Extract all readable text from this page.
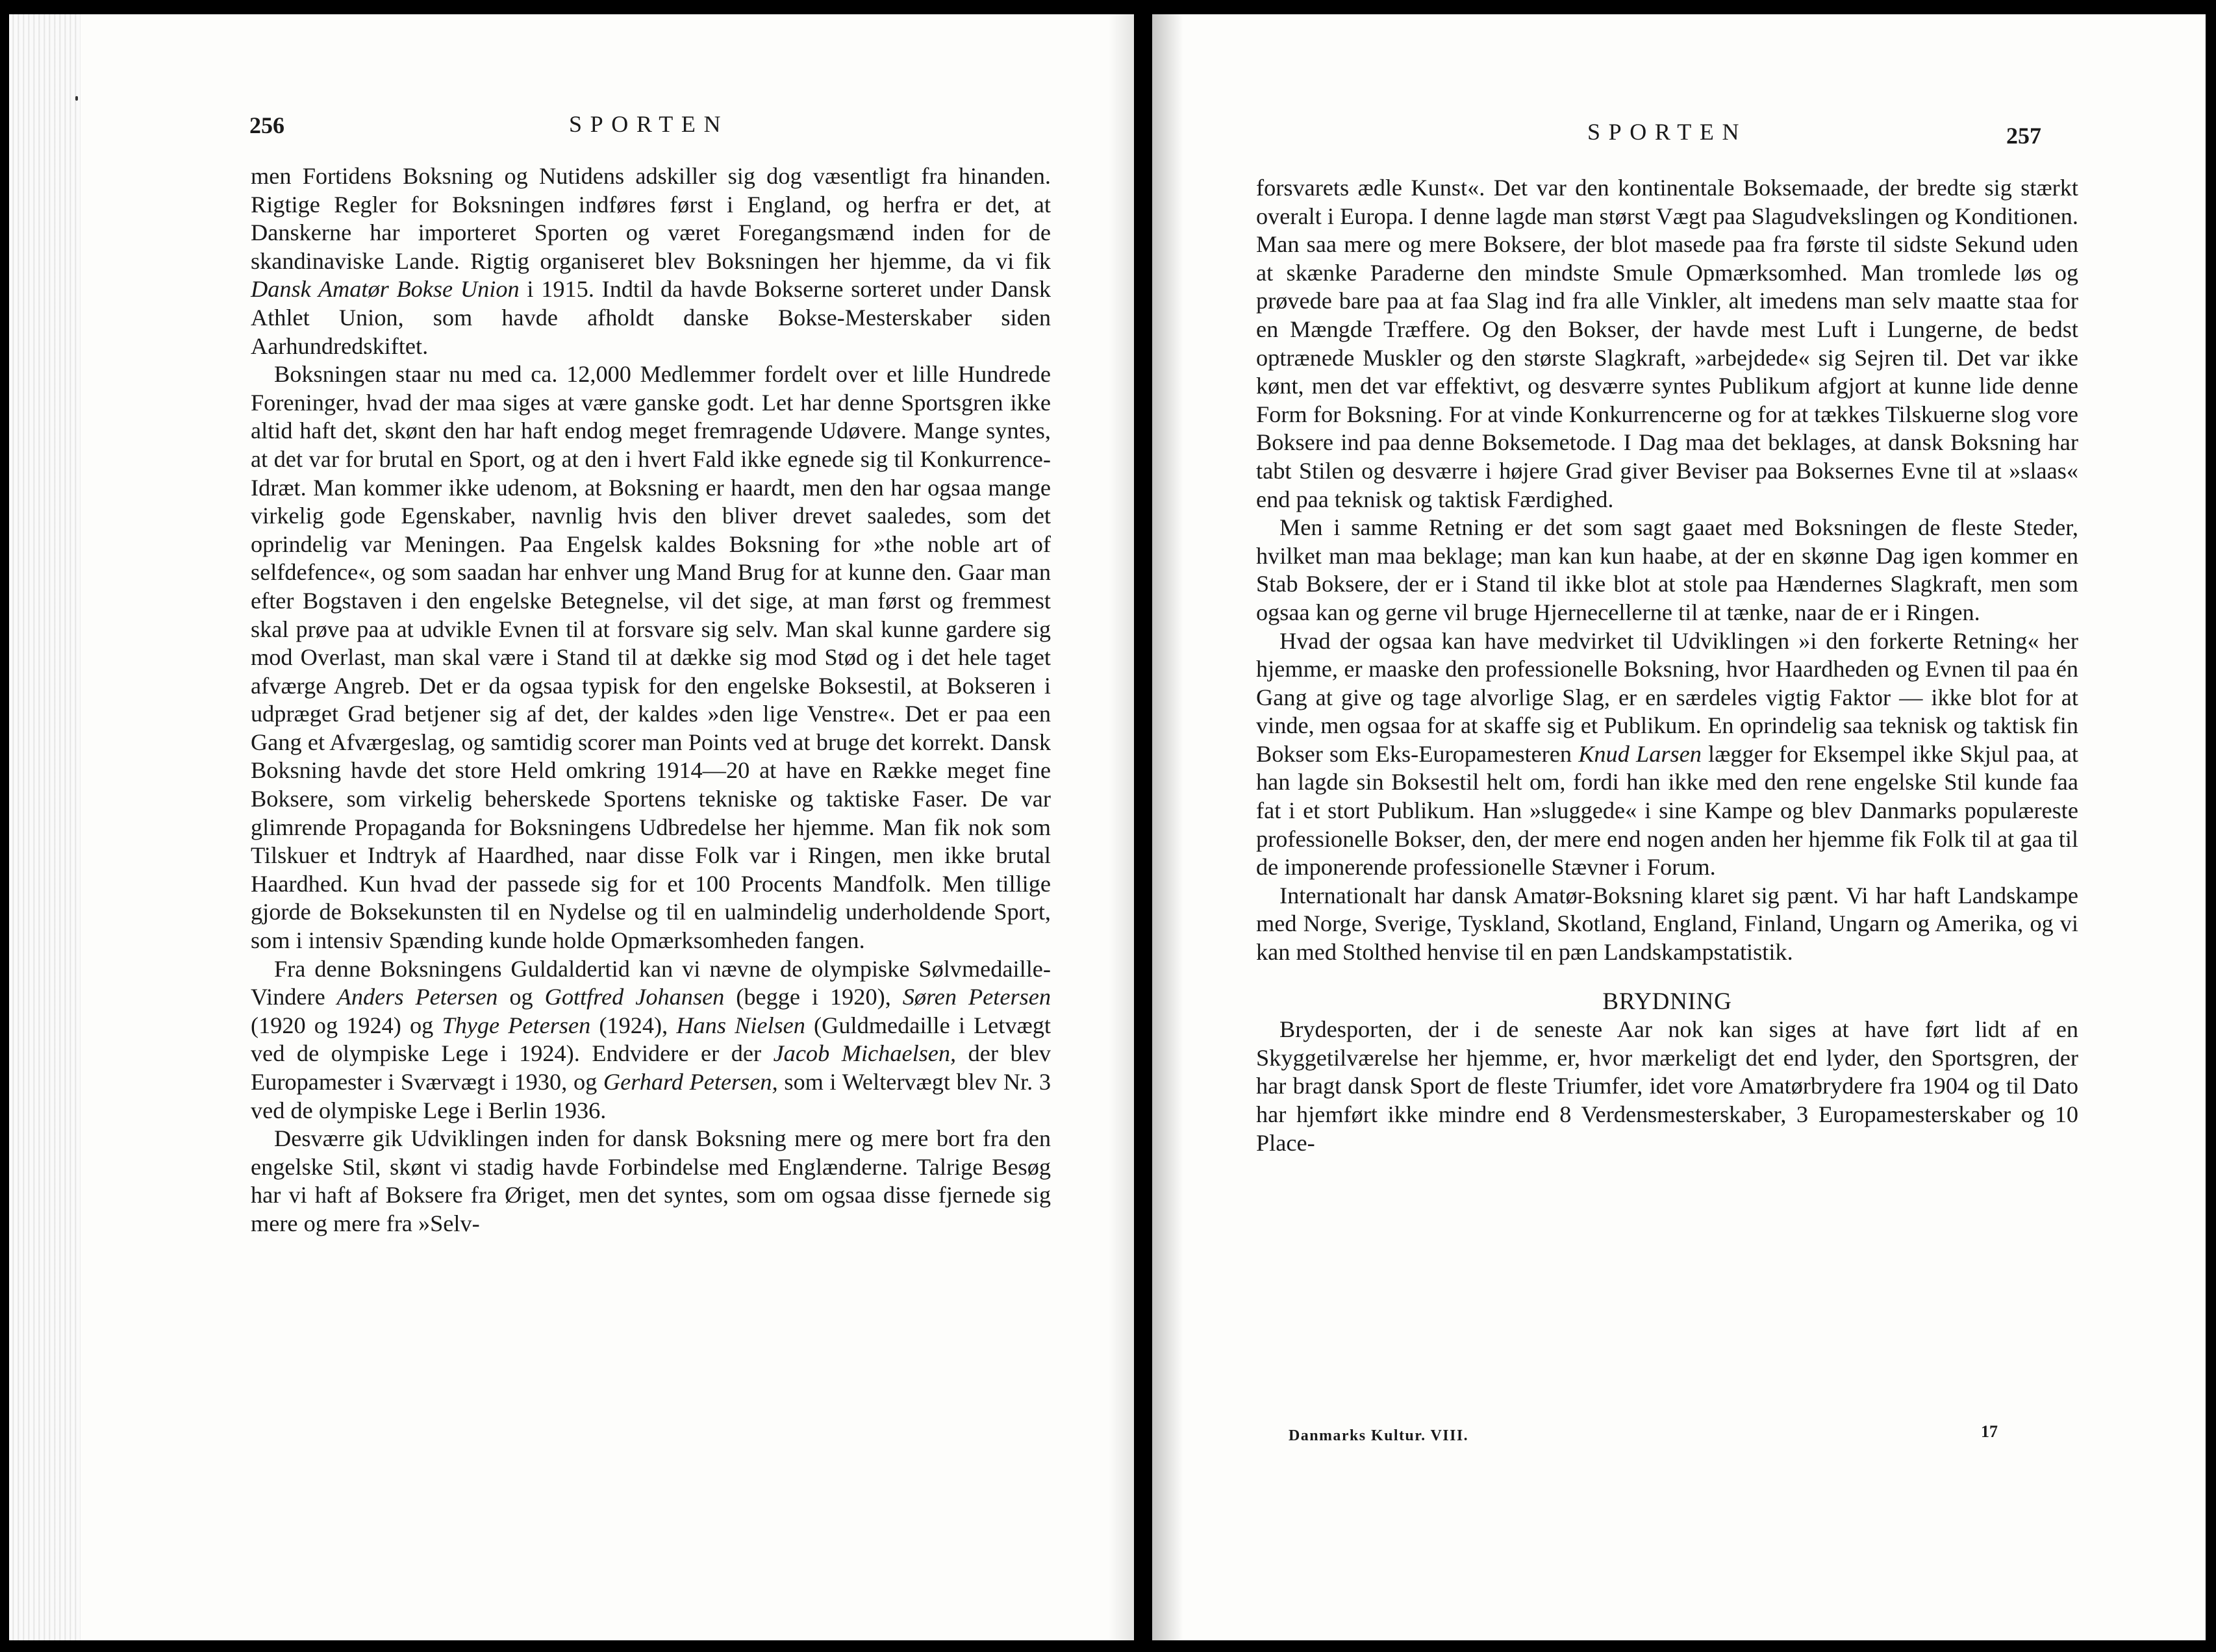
256	SPORTEN

men Fortidens Boksning og Nutidens adskiller sig dog væsentligt fra hinanden. Rigtige Regler for Boksningen indføres først i England, og herfra er det, at Danskerne har importeret Sporten og været Foregangsmænd inden for de skandinaviske Lande. Rigtig organiseret blev Boksningen her hjemme, da vi fik Dansk Amatør Bokse Union i 1915. Indtil da havde Bokserne sorteret under Dansk Athlet Union, som havde afholdt danske Bokse-Mesterskaber siden Aarhundredskiftet.

Boksningen staar nu med ca. 12,000 Medlemmer fordelt over et lille Hundrede Foreninger, hvad der maa siges at være ganske godt. Let har denne Sportsgren ikke altid haft det, skønt den har haft endog meget fremragende Udøvere. Mange syntes, at det var for brutal en Sport, og at den i hvert Fald ikke egnede sig til Konkurrence-Idræt. Man kommer ikke udenom, at Boksning er haardt, men den har ogsaa mange virkelig gode Egenskaber, navnlig hvis den bliver drevet saaledes, som det oprindelig var Meningen. Paa Engelsk kaldes Boksning for »the noble art of selfdefence«, og som saadan har enhver ung Mand Brug for at kunne den. Gaar man efter Bogstaven i den engelske Betegnelse, vil det sige, at man først og fremmest skal prøve paa at udvikle Evnen til at forsvare sig selv. Man skal kunne gardere sig mod Overlast, man skal være i Stand til at dække sig mod Stød og i det hele taget afværge Angreb. Det er da ogsaa typisk for den engelske Boksestil, at Bokseren i udpræget Grad betjener sig af det, der kaldes »den lige Venstre«. Det er paa een Gang et Afværgeslag, og samtidig scorer man Points ved at bruge det korrekt. Dansk Boksning havde det store Held omkring 1914—20 at have en Række meget fine Boksere, som virkelig beherskede Sportens tekniske og taktiske Faser. De var glimrende Propaganda for Boksningens Udbredelse her hjemme. Man fik nok som Tilskuer et Indtryk af Haardhed, naar disse Folk var i Ringen, men ikke brutal Haardhed. Kun hvad der passede sig for et 100 Procents Mandfolk. Men tillige gjorde de Boksekunsten til en Nydelse og til en ualmindelig underholdende Sport, som i intensiv Spænding kunde holde Opmærksomheden fangen.

Fra denne Boksningens Guldaldertid kan vi nævne de olympiske Sølvmedaille-Vindere Anders Petersen og Gottfred Johansen (begge i 1920), Søren Petersen (1920 og 1924) og Thyge Petersen (1924), Hans Nielsen (Guldmedaille i Letvægt ved de olympiske Lege i 1924). Endvidere er der Jacob Michaelsen, der blev Europamester i Sværvægt i 1930, og Gerhard Petersen, som i Weltervægt blev Nr. 3 ved de olympiske Lege i Berlin 1936.

Desværre gik Udviklingen inden for dansk Boksning mere og mere bort fra den engelske Stil, skønt vi stadig havde Forbindelse med Englænderne. Talrige Besøg har vi haft af Boksere fra Øriget, men det syntes, som om ogsaa disse fjernede sig mere og mere fra »Selv-

SPORTEN	257

forsvarets ædle Kunst«. Det var den kontinentale Boksemaade, der bredte sig stærkt overalt i Europa. I denne lagde man størst Vægt paa Slagudvekslingen og Konditionen. Man saa mere og mere Boksere, der blot masede paa fra første til sidste Sekund uden at skænke Paraderne den mindste Smule Opmærksomhed. Man tromlede løs og prøvede bare paa at faa Slag ind fra alle Vinkler, alt imedens man selv maatte staa for en Mængde Træffere. Og den Bokser, der havde mest Luft i Lungerne, de bedst optrænede Muskler og den største Slagkraft, »arbejdede« sig Sejren til. Det var ikke kønt, men det var effektivt, og desværre syntes Publikum afgjort at kunne lide denne Form for Boksning. For at vinde Konkurrencerne og for at tækkes Tilskuerne slog vore Boksere ind paa denne Boksemetode. I Dag maa det beklages, at dansk Boksning har tabt Stilen og desværre i højere Grad giver Beviser paa Boksernes Evne til at »slaas« end paa teknisk og taktisk Færdighed.

Men i samme Retning er det som sagt gaaet med Boksningen de fleste Steder, hvilket man maa beklage; man kan kun haabe, at der en skønne Dag igen kommer en Stab Boksere, der er i Stand til ikke blot at stole paa Hændernes Slagkraft, men som ogsaa kan og gerne vil bruge Hjernecellerne til at tænke, naar de er i Ringen.

Hvad der ogsaa kan have medvirket til Udviklingen »i den forkerte Retning« her hjemme, er maaske den professionelle Boksning, hvor Haardheden og Evnen til paa én Gang at give og tage alvorlige Slag, er en særdeles vigtig Faktor — ikke blot for at vinde, men ogsaa for at skaffe sig et Publikum. En oprindelig saa teknisk og taktisk fin Bokser som Eks-Europamesteren Knud Larsen lægger for Eksempel ikke Skjul paa, at han lagde sin Boksestil helt om, fordi han ikke med den rene engelske Stil kunde faa fat i et stort Publikum. Han »sluggede« i sine Kampe og blev Danmarks populæreste professionelle Bokser, den, der mere end nogen anden her hjemme fik Folk til at gaa til de imponerende professionelle Stævner i Forum.

Internationalt har dansk Amatør-Boksning klaret sig pænt. Vi har haft Landskampe med Norge, Sverige, Tyskland, Skotland, England, Finland, Ungarn og Amerika, og vi kan med Stolthed henvise til en pæn Landskampstatistik.

BRYDNING

Brydesporten, der i de seneste Aar nok kan siges at have ført lidt af en Skyggetilværelse her hjemme, er, hvor mærkeligt det end lyder, den Sportsgren, der har bragt dansk Sport de fleste Triumfer, idet vore Amatørbrydere fra 1904 og til Dato har hjemført ikke mindre end 8 Verdensmesterskaber, 3 Europamesterskaber og 10 Place-

Danmarks Kultur. VIII.	17
